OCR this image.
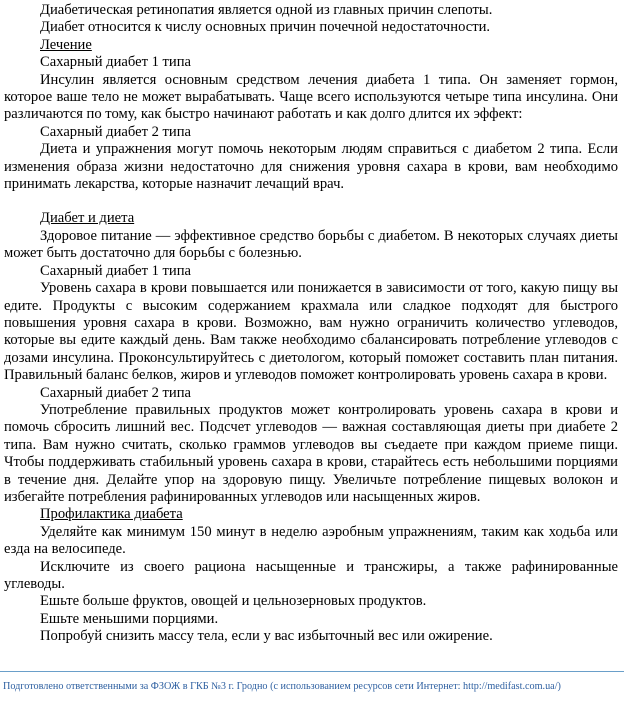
Диабетическая ретинопатия является одной из главных причин слепоты.

Диабет относится к числу основных причин почечной недостаточности.

Лечение

Сахарный диабет 1 типа

Инсулин является основным средством лечения диабета 1 типа. Он заменяет гормон, которое ваше тело не может вырабатывать. Чаще всего используются четыре типа инсулина. Они различаются по тому, как быстро начинают работать и как долго длится их эффект:

Сахарный диабет 2 типа

Диета и упражнения могут помочь некоторым людям справиться с диабетом 2 типа. Если изменения образа жизни недостаточно для снижения уровня сахара в крови, вам необходимо принимать лекарства, которые назначит лечащий врач.

Диабет и диета

Здоровое питание — эффективное средство борьбы с диабетом. В некоторых случаях диеты может быть достаточно для борьбы с болезнью.

Сахарный диабет 1 типа

Уровень сахара в крови повышается или понижается в зависимости от того, какую пищу вы едите. Продукты с высоким содержанием крахмала или сладкое подходят для быстрого повышения уровня сахара в крови. Возможно, вам нужно ограничить количество углеводов, которые вы едите каждый день. Вам также необходимо сбалансировать потребление углеводов с дозами инсулина. Проконсультируйтесь с диетологом, который поможет составить план питания. Правильный баланс белков, жиров и углеводов поможет контролировать уровень сахара в крови.

Сахарный диабет 2 типа

Употребление правильных продуктов может контролировать уровень сахара в крови и помочь сбросить лишний вес. Подсчет углеводов — важная составляющая диеты при диабете 2 типа. Вам нужно считать, сколько граммов углеводов вы съедаете при каждом приеме пищи. Чтобы поддерживать стабильный уровень сахара в крови, старайтесь есть небольшими порциями в течение дня. Делайте упор на здоровую пищу. Увеличьте потребление пищевых волокон и избегайте потребления рафинированных углеводов или насыщенных жиров.

Профилактика диабета

Уделяйте как минимум 150 минут в неделю аэробным упражнениям, таким как ходьба или езда на велосипеде.

Исключите из своего рациона насыщенные и трансжиры, а также рафинированные углеводы.

Ешьте больше фруктов, овощей и цельнозерновых продуктов.

Ешьте меньшими порциями.

Попробуй снизить массу тела, если у вас избыточный вес или ожирение.

Подготовлено ответственными за ФЗОЖ в ГКБ №3 г. Гродно (с использованием ресурсов сети Интернет: http://medifast.com.ua/)
